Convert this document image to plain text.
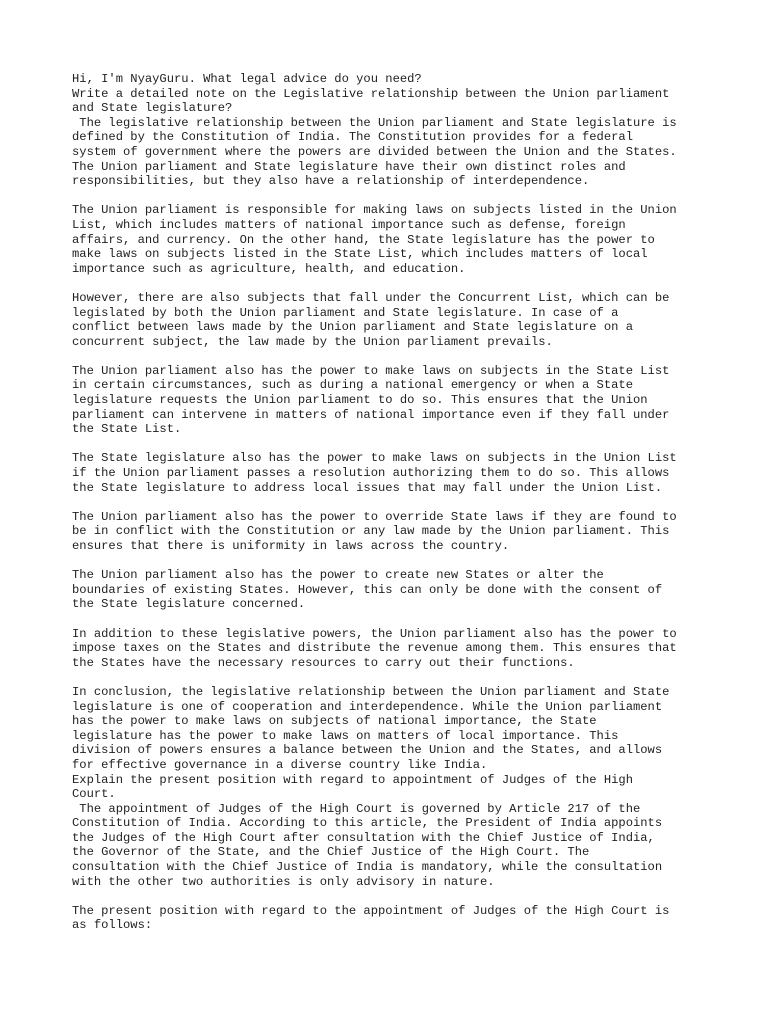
Hi, I'm NyayGuru. What legal advice do you need?
Write a detailed note on the Legislative relationship between the Union parliament
and State legislature?
The legislative relationship between the Union parliament and State legislature is
defined by the Constitution of India. The Constitution provides for a federal
system of government where the powers are divided between the Union and the States.
The Union parliament and State legislature have their own distinct roles and
responsibilities, but they also have a relationship of interdependence.
The Union parliament is responsible for making laws on subjects listed in the Union
List, which includes matters of national importance such as defense, foreign
affairs, and currency. On the other hand, the State legislature has the power to
make laws on subjects listed in the State List, which includes matters of local
importance such as agriculture, health, and education.
However, there are also subjects that fall under the Concurrent List, which can be
legislated by both the Union parliament and State legislature. In case of a
conflict between laws made by the Union parliament and State legislature on a
concurrent subject, the law made by the Union parliament prevails.
The Union parliament also has the power to make laws on subjects in the State List
in certain circumstances, such as during a national emergency or when a State
legislature requests the Union parliament to do so. This ensures that the Union
parliament can intervene in matters of national importance even if they fall under
the State List.
The State legislature also has the power to make laws on subjects in the Union List
if the Union parliament passes a resolution authorizing them to do so. This allows
the State legislature to address local issues that may fall under the Union List.
The Union parliament also has the power to override State laws if they are found to
be in conflict with the Constitution or any law made by the Union parliament. This
ensures that there is uniformity in laws across the country.
The Union parliament also has the power to create new States or alter the
boundaries of existing States. However, this can only be done with the consent of
the State legislature concerned.
In addition to these legislative powers, the Union parliament also has the power to
impose taxes on the States and distribute the revenue among them. This ensures that
the States have the necessary resources to carry out their functions.
In conclusion, the legislative relationship between the Union parliament and State
legislature is one of cooperation and interdependence. While the Union parliament
has the power to make laws on subjects of national importance, the State
legislature has the power to make laws on matters of local importance. This
division of powers ensures a balance between the Union and the States, and allows
for effective governance in a diverse country like India.
Explain the present position with regard to appointment of Judges of the High
Court.
The appointment of Judges of the High Court is governed by Article 217 of the
Constitution of India. According to this article, the President of India appoints
the Judges of the High Court after consultation with the Chief Justice of India,
the Governor of the State, and the Chief Justice of the High Court. The
consultation with the Chief Justice of India is mandatory, while the consultation
with the other two authorities is only advisory in nature.
The present position with regard to the appointment of Judges of the High Court is
as follows:
